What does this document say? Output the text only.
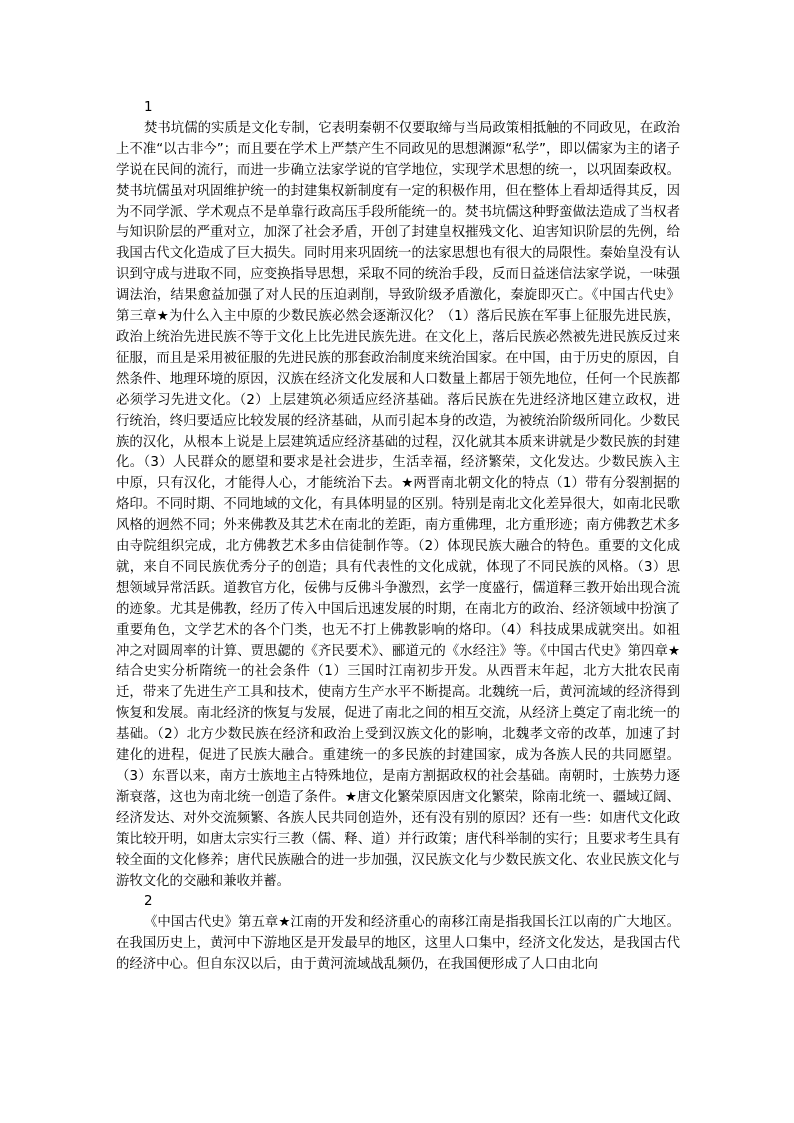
1

焚书坑儒的实质是文化专制，它表明秦朝不仅要取缔与当局政策相抵触的不同政见，在政治上不准“以古非今”；而且要在学术上严禁产生不同政见的思想渊源“私学”，即以儒家为主的诸子学说在民间的流行，而进一步确立法家学说的官学地位，实现学术思想的统一，以巩固秦政权。焚书坑儒虽对巩固维护统一的封建集权新制度有一定的积极作用，但在整体上看却适得其反，因为不同学派、学术观点不是单靠行政高压手段所能统一的。焚书坑儒这种野蛮做法造成了当权者与知识阶层的严重对立，加深了社会矛盾，开创了封建皇权摧残文化、迫害知识阶层的先例，给我国古代文化造成了巨大损失。同时用来巩固统一的法家思想也有很大的局限性。秦始皇没有认识到守成与进取不同，应变换指导思想，采取不同的统治手段，反而日益迷信法家学说，一味强调法治，结果愈益加强了对人民的压迫剥削，导致阶级矛盾激化，秦旋即灭亡。《中国古代史》第三章★为什么入主中原的少数民族必然会逐渐汉化？（1）落后民族在军事上征服先进民族，政治上统治先进民族不等于文化上比先进民族先进。在文化上，落后民族必然被先进民族反过来征服，而且是采用被征服的先进民族的那套政治制度来统治国家。在中国，由于历史的原因，自然条件、地理环境的原因，汉族在经济文化发展和人口数量上都居于领先地位，任何一个民族都必须学习先进文化。（2）上层建筑必须适应经济基础。落后民族在先进经济地区建立政权，进行统治，终归要适应比较发展的经济基础，从而引起本身的改造，为被统治阶级所同化。少数民族的汉化，从根本上说是上层建筑适应经济基础的过程，汉化就其本质来讲就是少数民族的封建化。（3）人民群众的愿望和要求是社会进步，生活幸福，经济繁荣，文化发达。少数民族入主中原，只有汉化，才能得人心，才能统治下去。★两晋南北朝文化的特点（1）带有分裂割据的烙印。不同时期、不同地域的文化，有具体明显的区别。特别是南北文化差异很大，如南北民歌风格的迥然不同；外来佛教及其艺术在南北的差距，南方重佛理，北方重形迹；南方佛教艺术多由寺院组织完成，北方佛教艺术多由信徒制作等。（2）体现民族大融合的特色。重要的文化成就，来自不同民族优秀分子的创造；具有代表性的文化成就，体现了不同民族的风格。（3）思想领域异常活跃。道教官方化，佞佛与反佛斗争激烈，玄学一度盛行，儒道释三教开始出现合流的迹象。尤其是佛教，经历了传入中国后迅速发展的时期，在南北方的政治、经济领域中扮演了重要角色，文学艺术的各个门类，也无不打上佛教影响的烙印。（4）科技成果成就突出。如祖冲之对圆周率的计算、贾思勰的《齐民要术》、郦道元的《水经注》等。《中国古代史》第四章★结合史实分析隋统一的社会条件（1）三国时江南初步开发。从西晋末年起，北方大批农民南迁，带来了先进生产工具和技术，使南方生产水平不断提高。北魏统一后，黄河流域的经济得到恢复和发展。南北经济的恢复与发展，促进了南北之间的相互交流，从经济上奠定了南北统一的基础。（2）北方少数民族在经济和政治上受到汉族文化的影响，北魏孝文帝的改革，加速了封建化的进程，促进了民族大融合。重建统一的多民族的封建国家，成为各族人民的共同愿望。（3）东晋以来，南方士族地主占特殊地位，是南方割据政权的社会基础。南朝时，士族势力逐渐衰落，这也为南北统一创造了条件。★唐文化繁荣原因唐文化繁荣，除南北统一、疆域辽阔、经济发达、对外交流频繁、各族人民共同创造外，还有没有别的原因？还有一些：如唐代文化政策比较开明，如唐太宗实行三教（儒、释、道）并行政策；唐代科举制的实行；且要求考生具有较全面的文化修养；唐代民族融合的进一步加强，汉民族文化与少数民族文化、农业民族文化与游牧文化的交融和兼收并蓄。

2

《中国古代史》第五章★江南的开发和经济重心的南移江南是指我国长江以南的广大地区。在我国历史上，黄河中下游地区是开发最早的地区，这里人口集中，经济文化发达，是我国古代的经济中心。但自东汉以后，由于黄河流域战乱频仍，在我国便形成了人口由北向
